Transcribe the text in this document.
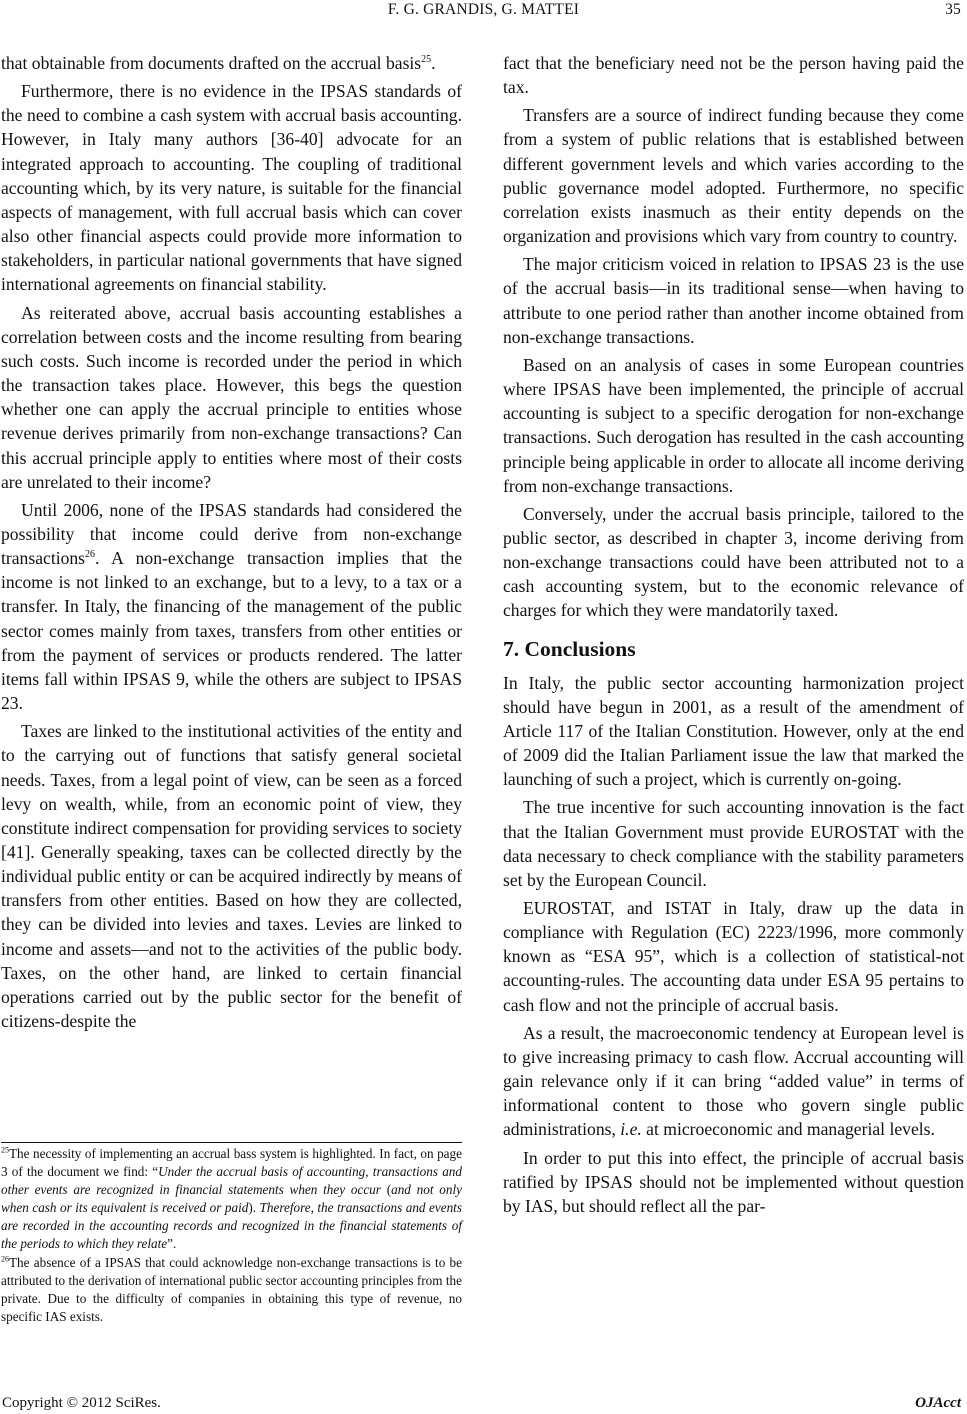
F. G. GRANDIS, G. MATTEI	35

that obtainable from documents drafted on the accrual basis$^{25}$.

Furthermore, there is no evidence in the IPSAS standards of the need to combine a cash system with accrual basis accounting. However, in Italy many authors [36-40] advocate for an integrated approach to accounting. The coupling of traditional accounting which, by its very nature, is suitable for the financial aspects of management, with full accrual basis which can cover also other financial aspects could provide more information to stakeholders, in particular national governments that have signed international agreements on financial stability.

As reiterated above, accrual basis accounting establishes a correlation between costs and the income resulting from bearing such costs. Such income is recorded under the period in which the transaction takes place. However, this begs the question whether one can apply the accrual principle to entities whose revenue derives primarily from non-exchange transactions? Can this accrual principle apply to entities where most of their costs are unrelated to their income?

Until 2006, none of the IPSAS standards had considered the possibility that income could derive from non-exchange transactions$^{26}$. A non-exchange transaction implies that the income is not linked to an exchange, but to a levy, to a tax or a transfer. In Italy, the financing of the management of the public sector comes mainly from taxes, transfers from other entities or from the payment of services or products rendered. The latter items fall within IPSAS 9, while the others are subject to IPSAS 23.

Taxes are linked to the institutional activities of the entity and to the carrying out of functions that satisfy general societal needs. Taxes, from a legal point of view, can be seen as a forced levy on wealth, while, from an economic point of view, they constitute indirect compensation for providing services to society [41]. Generally speaking, taxes can be collected directly by the individual public entity or can be acquired indirectly by means of transfers from other entities. Based on how they are collected, they can be divided into levies and taxes. Levies are linked to income and assets—and not to the activities of the public body. Taxes, on the other hand, are linked to certain financial operations carried out by the public sector for the benefit of citizens-despite the

$^{25}$The necessity of implementing an accrual bass system is highlighted. In fact, on page 3 of the document we find: “Under the accrual basis of accounting, transactions and other events are recognized in financial statements when they occur (and not only when cash or its equivalent is received or paid). Therefore, the transactions and events are recorded in the accounting records and recognized in the financial statements of the periods to which they relate”.

$^{26}$The absence of a IPSAS that could acknowledge non-exchange transactions is to be attributed to the derivation of international public sector accounting principles from the private. Due to the difficulty of companies in obtaining this type of revenue, no specific IAS exists.

fact that the beneficiary need not be the person having paid the tax.

Transfers are a source of indirect funding because they come from a system of public relations that is established between different government levels and which varies according to the public governance model adopted. Furthermore, no specific correlation exists inasmuch as their entity depends on the organization and provisions which vary from country to country.

The major criticism voiced in relation to IPSAS 23 is the use of the accrual basis—in its traditional sense—when having to attribute to one period rather than another income obtained from non-exchange transactions.

Based on an analysis of cases in some European countries where IPSAS have been implemented, the principle of accrual accounting is subject to a specific derogation for non-exchange transactions. Such derogation has resulted in the cash accounting principle being applicable in order to allocate all income deriving from non-exchange transactions.

Conversely, under the accrual basis principle, tailored to the public sector, as described in chapter 3, income deriving from non-exchange transactions could have been attributed not to a cash accounting system, but to the economic relevance of charges for which they were mandatorily taxed.

7. Conclusions

In Italy, the public sector accounting harmonization project should have begun in 2001, as a result of the amendment of Article 117 of the Italian Constitution. However, only at the end of 2009 did the Italian Parliament issue the law that marked the launching of such a project, which is currently on-going.

The true incentive for such accounting innovation is the fact that the Italian Government must provide EUROSTAT with the data necessary to check compliance with the stability parameters set by the European Council.

EUROSTAT, and ISTAT in Italy, draw up the data in compliance with Regulation (EC) 2223/1996, more commonly known as “ESA 95”, which is a collection of statistical-not accounting-rules. The accounting data under ESA 95 pertains to cash flow and not the principle of accrual basis.

As a result, the macroeconomic tendency at European level is to give increasing primacy to cash flow. Accrual accounting will gain relevance only if it can bring “added value” in terms of informational content to those who govern single public administrations, i.e. at microeconomic and managerial levels.

In order to put this into effect, the principle of accrual basis ratified by IPSAS should not be implemented without question by IAS, but should reflect all the par-

Copyright © 2012 SciRes.	OJAcct
